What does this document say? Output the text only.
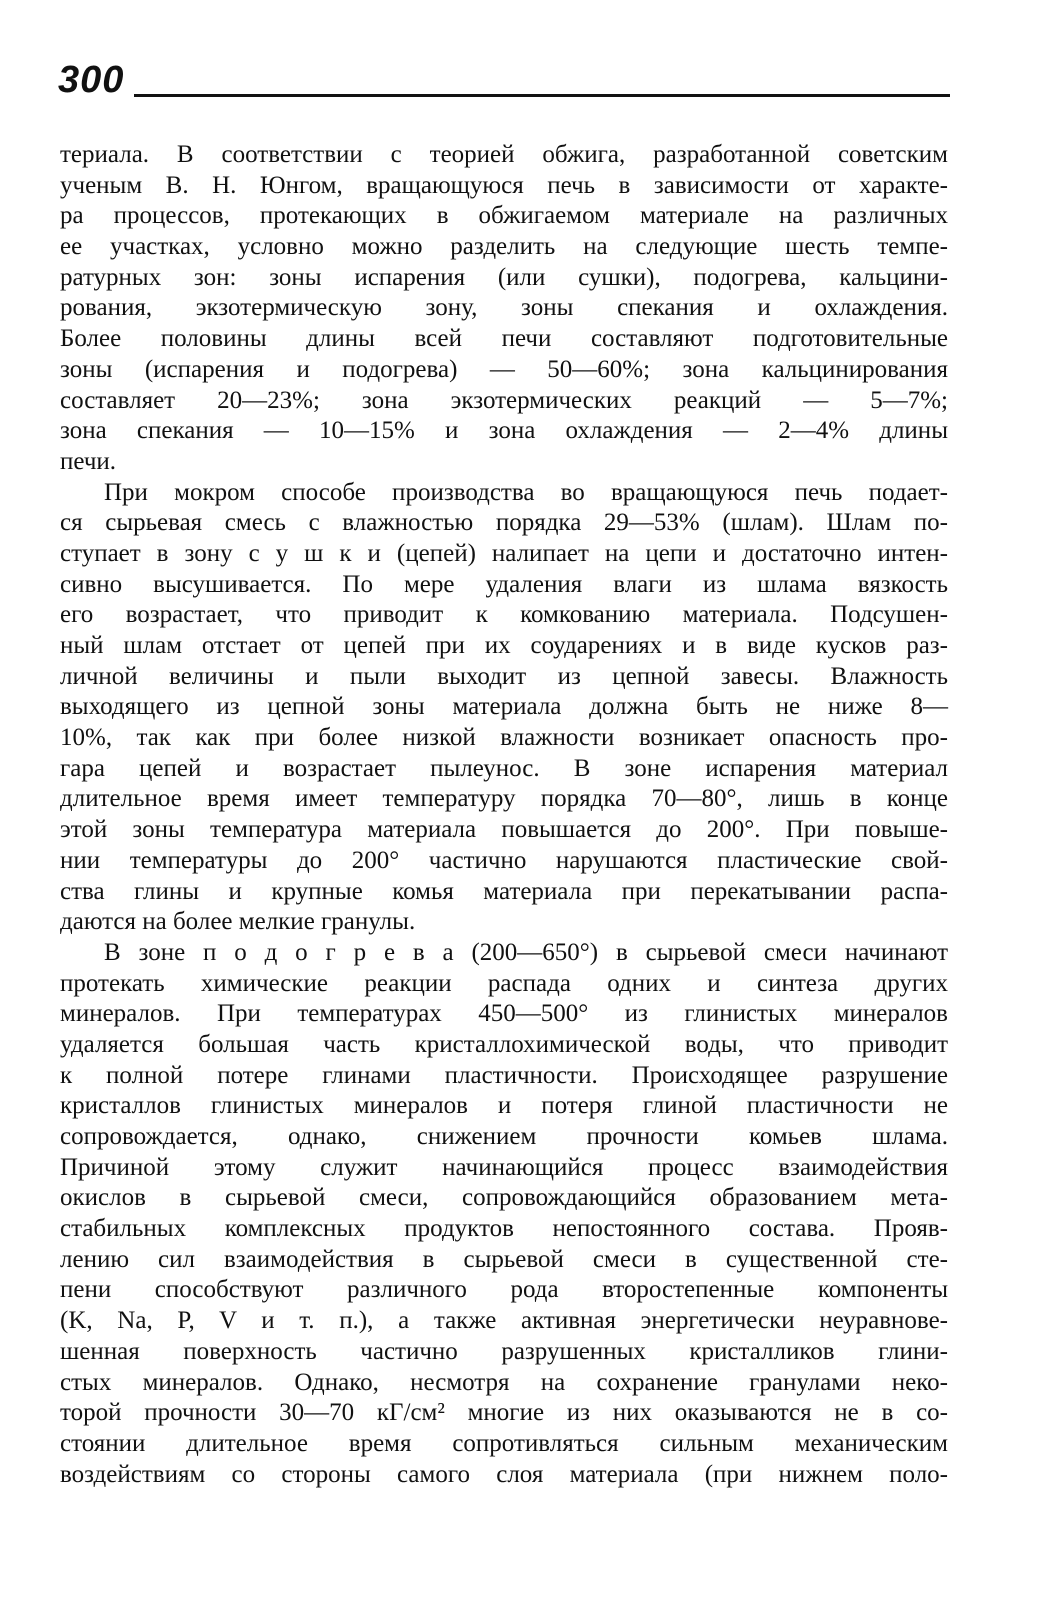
300
териала. В соответствии с теорией обжига, разработанной советским
ученым В. Н. Юнгом, вращающуюся печь в зависимости от характе-
ра процессов, протекающих в обжигаемом материале на различных
ее участках, условно можно разделить на следующие шесть темпе-
ратурных зон: зоны испарения (или сушки), подогрева, кальцини-
рования, экзотермическую зону, зоны спекания и охлаждения.
Более половины длины всей печи составляют подготовительные
зоны (испарения и подогрева) — 50—60%; зона кальцинирования
составляет 20—23%; зона экзотермических реакций — 5—7%;
зона спекания — 10—15% и зона охлаждения — 2—4% длины
печи.
При мокром способе производства во вращающуюся печь подает-
ся сырьевая смесь с влажностью порядка 29—53% (шлам). Шлам по-
ступает в зону с у ш к и (цепей) налипает на цепи и достаточно интен-
сивно высушивается. По мере удаления влаги из шлама вязкость
его возрастает, что приводит к комкованию материала. Подсушен-
ный шлам отстает от цепей при их соударениях и в виде кусков раз-
личной величины и пыли выходит из цепной завесы. Влажность
выходящего из цепной зоны материала должна быть не ниже 8—
10%, так как при более низкой влажности возникает опасность про-
гара цепей и возрастает пылеунос. В зоне испарения материал
длительное время имеет температуру порядка 70—80°, лишь в конце
этой зоны температура материала повышается до 200°. При повыше-
нии температуры до 200° частично нарушаются пластические свой-
ства глины и крупные комья материала при перекатывании распа-
даются на более мелкие гранулы.
В зоне п о д о г р е в а (200—650°) в сырьевой смеси начинают
протекать химические реакции распада одних и синтеза других
минералов. При температурах 450—500° из глинистых минералов
удаляется большая часть кристаллохимической воды, что приводит
к полной потере глинами пластичности. Происходящее разрушение
кристаллов глинистых минералов и потеря глиной пластичности не
сопровождается, однако, снижением прочности комьев шлама.
Причиной этому служит начинающийся процесс взаимодействия
окислов в сырьевой смеси, сопровождающийся образованием мета-
стабильных комплексных продуктов непостоянного состава. Прояв-
лению сил взаимодействия в сырьевой смеси в существенной сте-
пени способствуют различного рода второстепенные компоненты
(K, Na, P, V и т. п.), а также активная энергетически неуравнове-
шенная поверхность частично разрушенных кристалликов глини-
стых минералов. Однако, несмотря на сохранение гранулами неко-
торой прочности 30—70 кГ/см² многие из них оказываются не в со-
стоянии длительное время сопротивляться сильным механическим
воздействиям со стороны самого слоя материала (при нижнем поло-
